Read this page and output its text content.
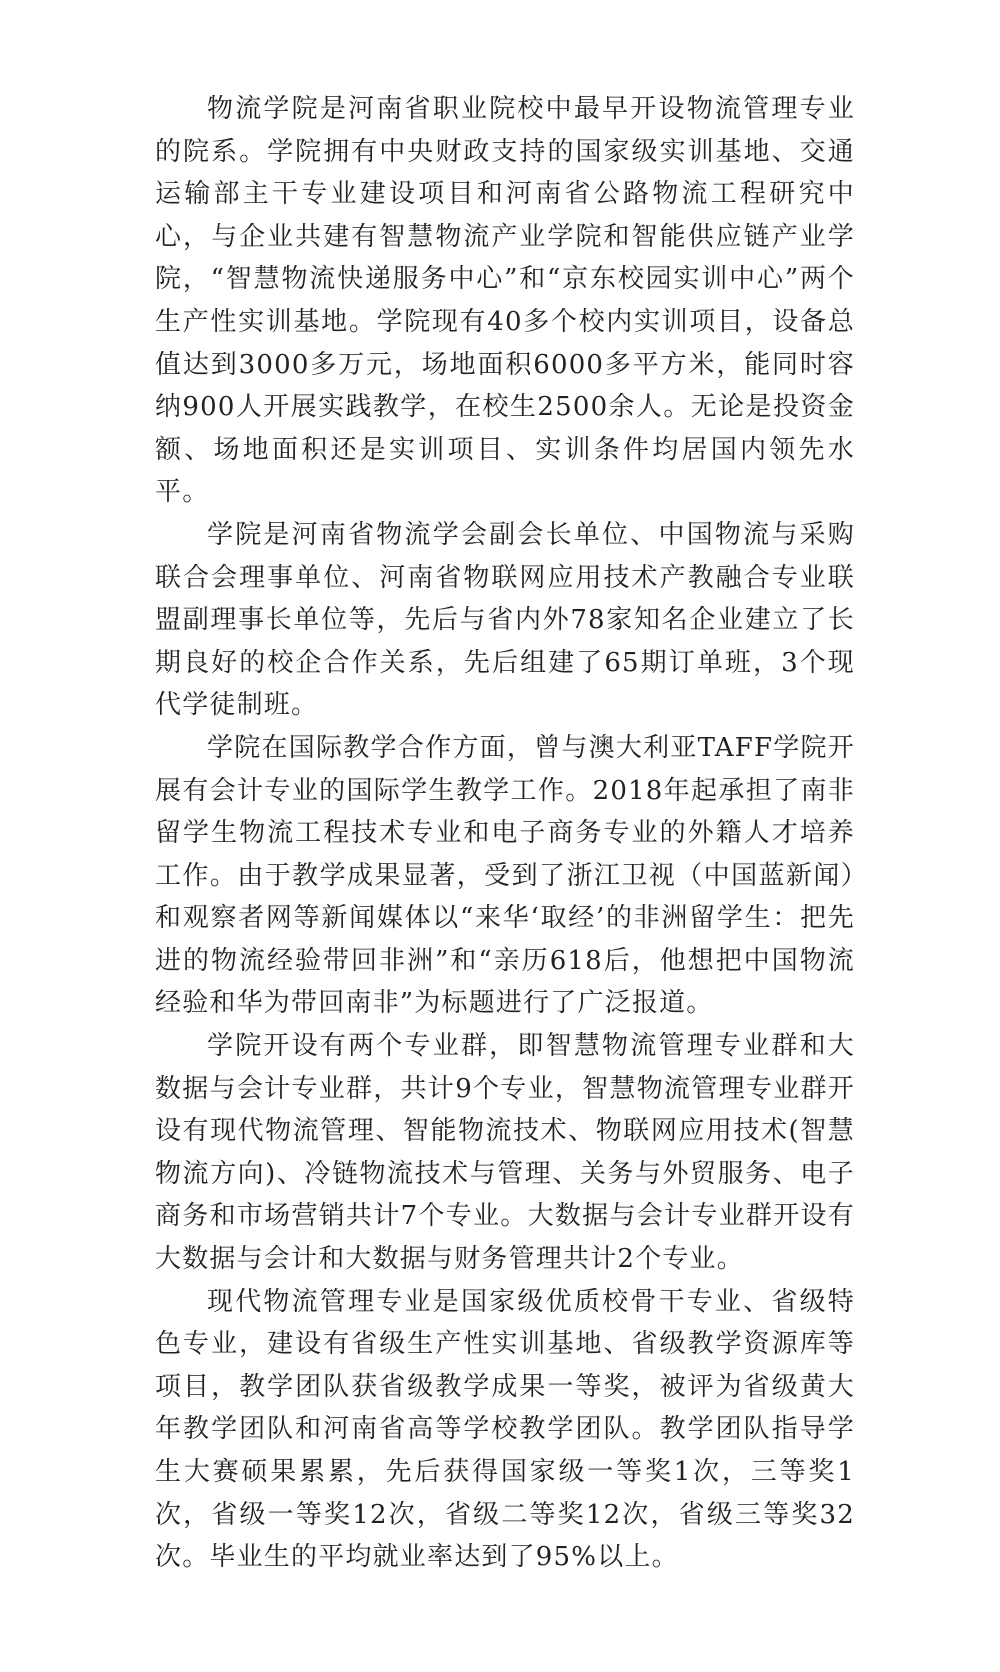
物流学院是河南省职业院校中最早开设物流管理专业的院系。学院拥有中央财政支持的国家级实训基地、交通运输部主干专业建设项目和河南省公路物流工程研究中心，与企业共建有智慧物流产业学院和智能供应链产业学院，“智慧物流快递服务中心”和“京东校园实训中心”两个生产性实训基地。学院现有40多个校内实训项目，设备总值达到3000多万元，场地面积6000多平方米，能同时容纳900人开展实践教学，在校生2500余人。无论是投资金额、场地面积还是实训项目、实训条件均居国内领先水平。

学院是河南省物流学会副会长单位、中国物流与采购联合会理事单位、河南省物联网应用技术产教融合专业联盟副理事长单位等，先后与省内外78家知名企业建立了长期良好的校企合作关系，先后组建了65期订单班，3个现代学徒制班。

学院在国际教学合作方面，曾与澳大利亚TAFF学院开展有会计专业的国际学生教学工作。2018年起承担了南非留学生物流工程技术专业和电子商务专业的外籍人才培养工作。由于教学成果显著，受到了浙江卫视（中国蓝新闻）和观察者网等新闻媒体以“来华‘取经’的非洲留学生：把先进的物流经验带回非洲”和“亲历618后，他想把中国物流经验和华为带回南非”为标题进行了广泛报道。

学院开设有两个专业群，即智慧物流管理专业群和大数据与会计专业群，共计9个专业，智慧物流管理专业群开设有现代物流管理、智能物流技术、物联网应用技术(智慧物流方向)、冷链物流技术与管理、关务与外贸服务、电子商务和市场营销共计7个专业。大数据与会计专业群开设有大数据与会计和大数据与财务管理共计2个专业。

现代物流管理专业是国家级优质校骨干专业、省级特色专业，建设有省级生产性实训基地、省级教学资源库等项目，教学团队获省级教学成果一等奖，被评为省级黄大年教学团队和河南省高等学校教学团队。教学团队指导学生大赛硕果累累，先后获得国家级一等奖1次，三等奖1次，省级一等奖12次，省级二等奖12次，省级三等奖32次。毕业生的平均就业率达到了95%以上。
